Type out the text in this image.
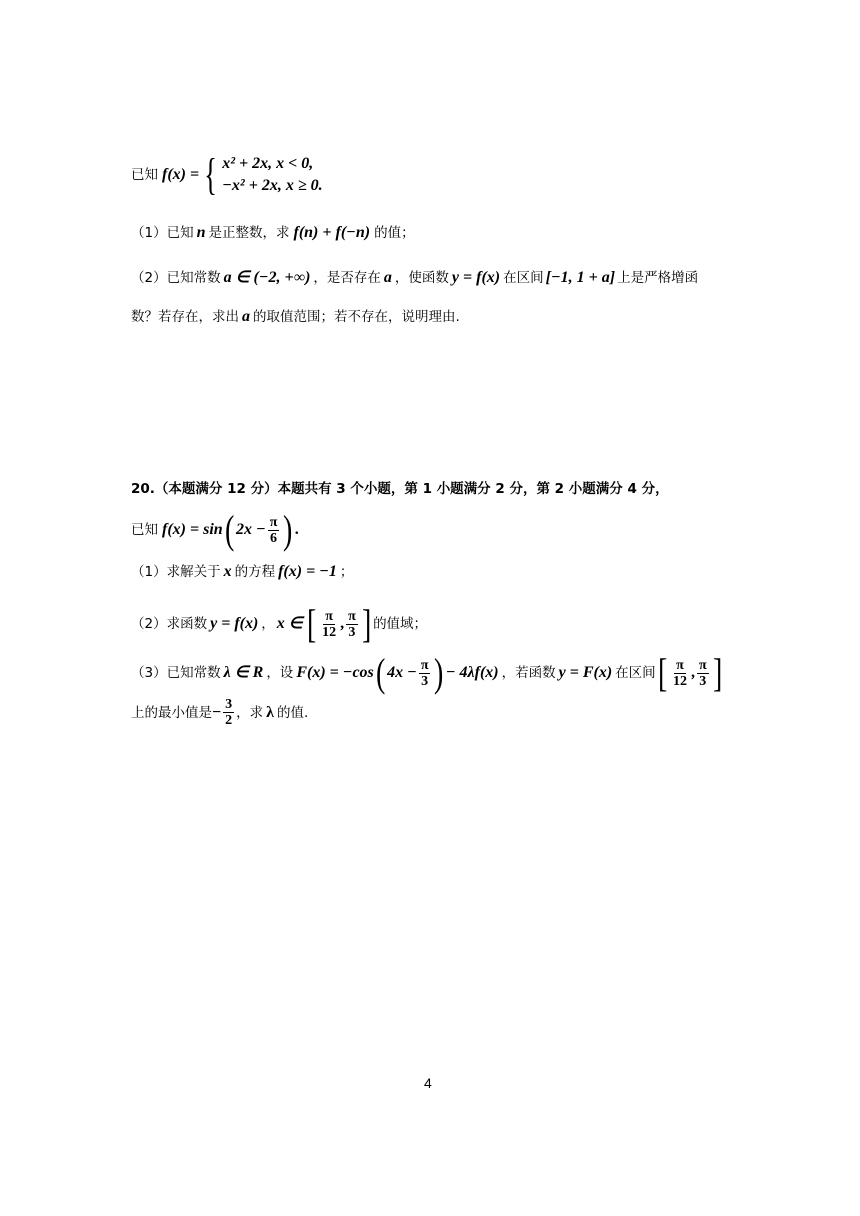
已知 f(x) = { x² + 2x, x < 0,
−x² + 2x, x ≥ 0.
（1）已知 n 是正整数，求 f(n) + f(−n) 的值；
（2）已知常数 a ∈ (−2, +∞) ，是否存在 a ，使函数 y = f(x) 在区间 [−1, 1 + a] 上是严格增函
数？若存在，求出 a 的取值范围；若不存在，说明理由.
20.（本题满分 12 分）本题共有 3 个小题，第 1 小题满分 2 分，第 2 小题满分 4 分，
已知 f(x) = sin ( $2x - \frac{\pi}{6}$ ) .
（1）求解关于 x 的方程 f(x) = −1 ；
（2）求函数 y = f(x) ， x ∈ [ $\frac{\pi}{12}$ , $\frac{\pi}{3}$ ] 的值域；
（3）已知常数 λ ∈ R ，设 F(x) = −cos ( $4x - \frac{\pi}{3}$ ) − 4λf(x) ，若函数 y = F(x) 在区间 [ $\frac{\pi}{12}$ , $\frac{\pi}{3}$ ]
上的最小值是 − $\frac{3}{2}$ ，求 λ 的值.
4
